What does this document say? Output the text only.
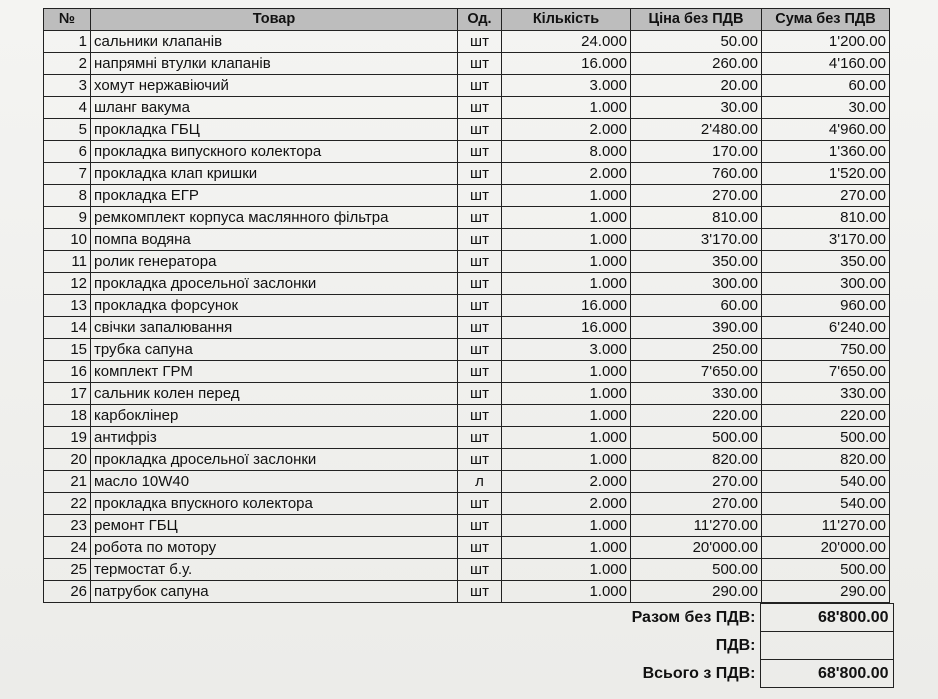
№	Товар	Од.	Кількість	Ціна без ПДВ	Сума без ПДВ
1	сальники клапанів	шт	24.000	50.00	1'200.00
2	напрямні втулки клапанів	шт	16.000	260.00	4'160.00
3	хомут нержавіючий	шт	3.000	20.00	60.00
4	шланг вакума	шт	1.000	30.00	30.00
5	прокладка ГБЦ	шт	2.000	2'480.00	4'960.00
6	прокладка випускного колектора	шт	8.000	170.00	1'360.00
7	прокладка клап кришки	шт	2.000	760.00	1'520.00
8	прокладка ЕГР	шт	1.000	270.00	270.00
9	ремкомплект корпуса маслянного фільтра	шт	1.000	810.00	810.00
10	помпа водяна	шт	1.000	3'170.00	3'170.00
11	ролик генератора	шт	1.000	350.00	350.00
12	прокладка дросельної заслонки	шт	1.000	300.00	300.00
13	прокладка форсунок	шт	16.000	60.00	960.00
14	свічки запалювання	шт	16.000	390.00	6'240.00
15	трубка сапуна	шт	3.000	250.00	750.00
16	комплект ГРМ	шт	1.000	7'650.00	7'650.00
17	сальник колен перед	шт	1.000	330.00	330.00
18	карбоклінер	шт	1.000	220.00	220.00
19	антифріз	шт	1.000	500.00	500.00
20	прокладка дросельної заслонки	шт	1.000	820.00	820.00
21	масло 10W40	л	2.000	270.00	540.00
22	прокладка впускного колектора	шт	2.000	270.00	540.00
23	ремонт ГБЦ	шт	1.000	11'270.00	11'270.00
24	робота по мотору	шт	1.000	20'000.00	20'000.00
25	термостат б.у.	шт	1.000	500.00	500.00
26	патрубок сапуна	шт	1.000	290.00	290.00
Разом без ПДВ:	68'800.00
ПДВ:	
Всього з ПДВ:	68'800.00
